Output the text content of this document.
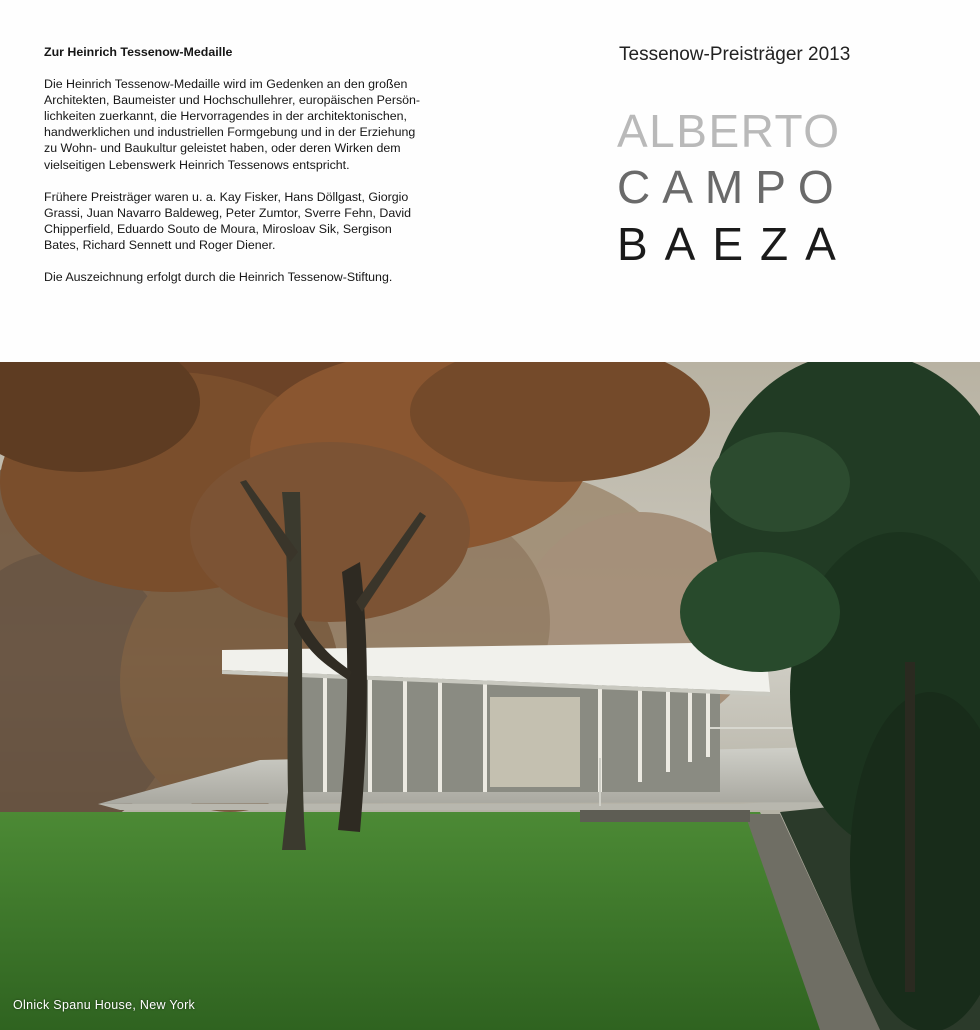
Zur Heinrich Tessenow-Medaille

Die Heinrich Tessenow-Medaille wird im Gedenken an den großen
Architekten, Baumeister und Hochschullehrer, europäischen Persön-
lichkeiten zuerkannt, die Hervorragendes in der architektonischen,
handwerklichen und industriellen Formgebung und in der Erziehung
zu Wohn- und Baukultur geleistet haben, oder deren Wirken dem
vielseitigen Lebenswerk Heinrich Tessenows entspricht.

Frühere Preisträger waren u. a. Kay Fisker, Hans Döllgast, Giorgio
Grassi, Juan Navarro Baldeweg, Peter Zumtor, Sverre Fehn, David
Chipperfield, Eduardo Souto de Moura, Mirosloav Sik, Sergison
Bates, Richard Sennett und Roger Diener.

Die Auszeichnung erfolgt durch die Heinrich Tessenow-Stiftung.

Tessenow-Preisträger 2013
ALBERTO
CAMPO
BAEZA
Olnick Spanu House, New York
